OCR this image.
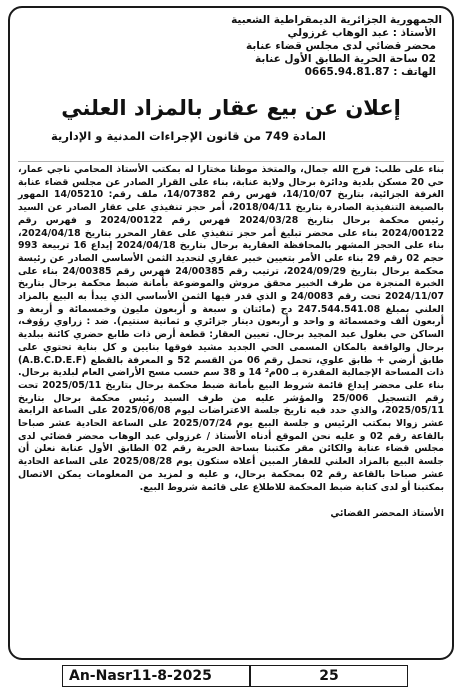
الجمهورية الجزائرية الديمقراطية الشعبية
الأستاذ : عبد الوهاب غرزولي
محضر قضائي لدى مجلس قضاء عنابة
02 ساحة الحرية الطابق الأول عنابة
الهاتف : 0665.94.81.87
إعلان عن بيع عقار بالمزاد العلني
المادة 749 من قانون الإجراءات المدنية و الإدارية

بناء على طلب: فرج الله جمال، والمتخذ موطنا مختارا له بمكتب الأستاذ المحامي ناجي عمار، حي 20 مسكن بلدية ودائرة برحال ولاية عنابة، بناء على القرار الصادر عن مجلس قضاء عنابة الغرفة الجزائية، بتاريخ 14/10/07، فهرس رقم 14/07382، ملف رقم: 14/05210 المهور بالصيغة التنفيذية الصادرة بتاريخ 2018/04/11، أمر حجز تنفيذي على عقار الصادر عن السيد رئيس محكمة برحال بتاريخ 2024/03/28 فهرس رقم 2024/00122 و فهرس رقم 2024/00122 بناء على محضر تبليغ أمر حجز تنفيذي على عقار المحرر بتاريخ 2024/04/18، بناء على الحجز المشهر بالمحافظة العقارية برحال بتاريخ 2024/04/18 إيداع 16 تربيعة 993 حجم 02 رقم 29 بناء على الأمر بتعيين خبير عقاري لتحديد الثمن الأساسي الصادر عن رئيسة محكمة برحال بتاريخ 2024/09/29، ترتيب رقم 24/00385 فهرس رقم 24/00385 بناء على الخبرة المنجزة من طرف الخبير محقق مروش والموضوعة بأمانة ضبط محكمة برحال بتاريخ 2024/11/07 تحت رقم 24/0083 و الذي قدر فيها الثمن الأساسي الذي يبدأ به البيع بالمزاد العلني بمبلغ 247.544.541.08 دج (مائتان و سبعة و أربعون مليون وخمسمائة و أربعة و أربعون ألف وخمسمائة و واحد و أربعون دينار جزائري و ثمانية سنتيم). ضد : زراوي رؤوف، الساكن حي بغلول عبد المجيد برحال. تعيين العقار: قطعة أرض ذات طابع حضري كائنة ببلدية برحال والواقعة بالمكان المسمى الحي الجديد مشيد فوقها بنايين و كل بناية تحتوي على طابق أرضي + طابق علوي، تحمل رقم 06 من القسم 52 و المعرفة بالقطع (A.B.C.D.E.F) ذات المساحة الإجمالية المقدرة بـ 00م² 14 و 38 سم حسب مسح الأراضي العام لبلدية برحال. بناء على محضر إيداع قائمة شروط البيع بأمانة ضبط محكمة برحال بتاريخ 2025/05/11 تحت رقم التسجيل 25/006 والمؤشر عليه من طرف السيد رئيس محكمة برحال بتاريخ 2025/05/11، والذي حدد فيه تاريخ جلسة الاعتراضات ليوم 2025/06/08 على الساعة الرابعة عشر زوالا بمكتب الرئيس و جلسة البيع يوم 2025/07/24 على الساعة الحادية عشر صباحا بالقاعة رقم 02 و عليه نحن الموقع أدناه الأستاذ / غرزولي عبد الوهاب محضر قضائي لدى مجلس قضاء عنابة والكائن مقر مكتبنا بساحة الحرية رقم 02 الطابق الأول عنابة نعلن أن جلسة البيع بالمزاد العلني للعقار المبين أعلاه ستكون يوم 2025/08/28 على الساعة الحادية عشر صباحا بالقاعة رقم 02 بمحكمة برحال، و عليه و لمزيد من المعلومات يمكن الاتصال بمكتبنا أو لدى كتابة ضبط المحكمة للاطلاع على قائمة شروط البيع.

الأستاذ المحضر القضائي
An-Nasr11-8-2025	25
